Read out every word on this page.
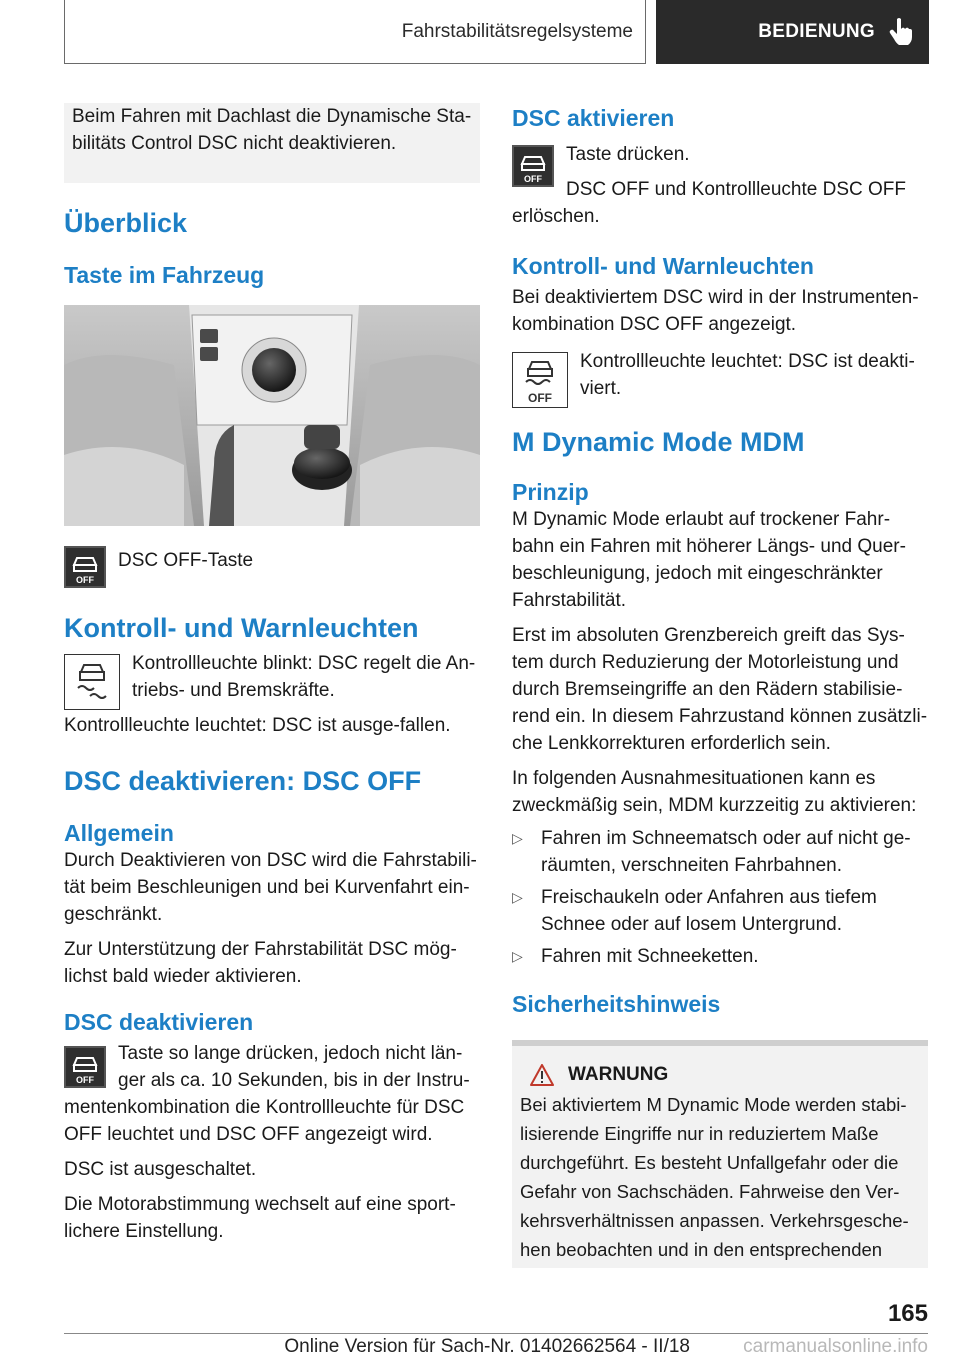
Fahrstabilitätsregelsysteme	BEDIENUNG

Beim Fahren mit Dachlast die Dynamische Sta-bilitäts Control DSC nicht deaktivieren.

Überblick
Taste im Fahrzeug
OFF

DSC OFF-Taste

Kontroll- und Warnleuchten

Kontrollleuchte blinkt: DSC regelt die An-triebs- und Bremskräfte.

Kontrollleuchte leuchtet: DSC ist ausge-fallen.

DSC deaktivieren: DSC OFF
Allgemein

Durch Deaktivieren von DSC wird die Fahrstabili-tät beim Beschleunigen und bei Kurvenfahrt ein-geschränkt.

Zur Unterstützung der Fahrstabilität DSC mög-lichst bald wieder aktivieren.

DSC deaktivieren
OFF

Taste so lange drücken, jedoch nicht län-ger als ca. 10 Sekunden, bis in der Instru-mentenkombination die Kontrollleuchte für DSC OFF leuchtet und DSC OFF angezeigt wird.

DSC ist ausgeschaltet.

Die Motorabstimmung wechselt auf eine sport-lichere Einstellung.

DSC aktivieren
OFF

Taste drücken.

DSC OFF und Kontrollleuchte DSC OFF erlöschen.

Kontroll- und Warnleuchten

Bei deaktiviertem DSC wird in der Instrumenten-kombination DSC OFF angezeigt.

OFF

Kontrollleuchte leuchtet: DSC ist deakti-viert.

M Dynamic Mode MDM
Prinzip

M Dynamic Mode erlaubt auf trockener Fahr-bahn ein Fahren mit höherer Längs- und Quer-beschleunigung, jedoch mit eingeschränkter Fahrstabilität.

Erst im absoluten Grenzbereich greift das Sys-tem durch Reduzierung der Motorleistung und durch Bremseingriffe an den Rädern stabilisie-rend ein. In diesem Fahrzustand können zusätzli-che Lenkkorrekturen erforderlich sein.

In folgenden Ausnahmesituationen kann es zweckmäßig sein, MDM kurzzeitig zu aktivieren:

▷ Fahren im Schneematsch oder auf nicht ge-räumten, verschneiten Fahrbahnen.
▷ Freischaukeln oder Anfahren aus tiefem Schnee oder auf losem Untergrund.
▷ Fahren mit Schneeketten.
Sicherheitshinweis
WARNUNG

Bei aktiviertem M Dynamic Mode werden stabi-lisierende Eingriffe nur in reduziertem Maße durchgeführt. Es besteht Unfallgefahr oder die Gefahr von Sachschäden. Fahrweise den Ver-kehrsverhältnissen anpassen. Verkehrsgesche-hen beobachten und in den entsprechenden

165
Online Version für Sach-Nr. 01402662564 - II/18	carmanualsonline.info
